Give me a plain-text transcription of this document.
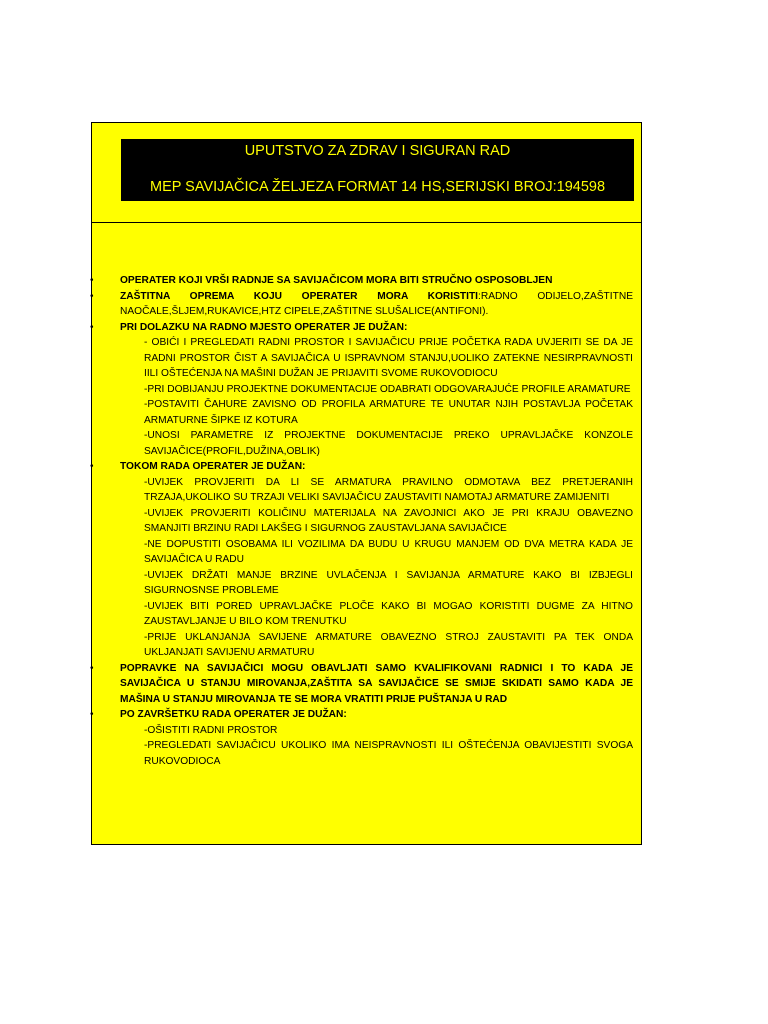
UPUTSTVO ZA ZDRAV I SIGURAN RAD
MEP SAVIJAČICA ŽELJEZA FORMAT 14 HS,SERIJSKI BROJ:194598
• OPERATER KOJI VRŠI RADNJE SA SAVIJAČICOM MORA BITI STRUČNO OSPOSOBLJEN
• ZAŠTITNA OPREMA KOJU OPERATER MORA KORISTITI:RADNO ODIJELO,ZAŠTITNE NAOČALE,ŠLJEM,RUKAVICE,HTZ CIPELE,ZAŠTITNE SLUŠALICE(ANTIFONI).
• PRI DOLAZKU NA RADNO MJESTO OPERATER JE DUŽAN:
- OBIĆI I PREGLEDATI RADNI PROSTOR I SAVIJAČICU PRIJE POČETKA RADA UVJERITI SE DA JE RADNI PROSTOR ČIST A SAVIJAČICA U ISPRAVNOM STANJU,UOLIKO ZATEKNE NESIRPRAVNOSTI IILI OŠTEĆENJA NA MAŠINI DUŽAN JE PRIJAVITI SVOME RUKOVODIOCU
-PRI DOBIJANJU PROJEKTNE DOKUMENTACIJE ODABRATI ODGOVARAJUĆE PROFILE ARAMATURE
-POSTAVITI ČAHURE ZAVISNO OD PROFILA ARMATURE TE UNUTAR NJIH POSTAVLJA POČETAK ARMATURNE ŠIPKE IZ KOTURA
-UNOSI PARAMETRE IZ PROJEKTNE DOKUMENTACIJE PREKO UPRAVLJAČKE KONZOLE SAVIJAČICE(PROFIL,DUŽINA,OBLIK)
• TOKOM RADA OPERATER JE DUŽAN:
-UVIJEK PROVJERITI DA LI SE ARMATURA PRAVILNO ODMOTAVA BEZ PRETJERANIH TRZAJA,UKOLIKO SU TRZAJI VELIKI SAVIJAČICU ZAUSTAVITI NAMOTAJ ARMATURE ZAMIJENITI
-UVIJEK PROVJERITI KOLIČINU MATERIJALA NA ZAVOJNICI AKO JE PRI KRAJU OBAVEZNO SMANJITI BRZINU RADI LAKŠEG I SIGURNOG ZAUSTAVLJANA SAVIJAČICE
-NE DOPUSTITI OSOBAMA ILI VOZILIMA DA BUDU U KRUGU MANJEM OD DVA METRA KADA JE SAVIJAČICA U RADU
-UVIJEK DRŽATI MANJE BRZINE UVLAČENJA I SAVIJANJA ARMATURE KAKO BI IZBJEGLI SIGURNOSNSE PROBLEME
-UVIJEK BITI PORED UPRAVLJAČKE PLOČE KAKO BI MOGAO KORISTITI DUGME ZA HITNO ZAUSTAVLJANJE U BILO KOM TRENUTKU
-PRIJE UKLANJANJA SAVIJENE ARMATURE OBAVEZNO STROJ ZAUSTAVITI PA TEK ONDA UKLJANJATI SAVIJENU ARMATURU
• POPRAVKE NA SAVIJAČICI MOGU OBAVLJATI SAMO KVALIFIKOVANI RADNICI I TO KADA JE SAVIJAČICA U STANJU MIROVANJA,ZAŠTITA SA SAVIJAČICE SE SMIJE SKIDATI SAMO KADA JE MAŠINA U STANJU MIROVANJA TE SE MORA VRATITI PRIJE PUŠTANJA U RAD
• PO ZAVRŠETKU RADA OPERATER JE DUŽAN:
-OŠISTITI RADNI PROSTOR
-PREGLEDATI SAVIJAČICU UKOLIKO IMA NEISPRAVNOSTI ILI OŠTEĆENJA OBAVIJESTITI SVOGA RUKOVODIOCA
